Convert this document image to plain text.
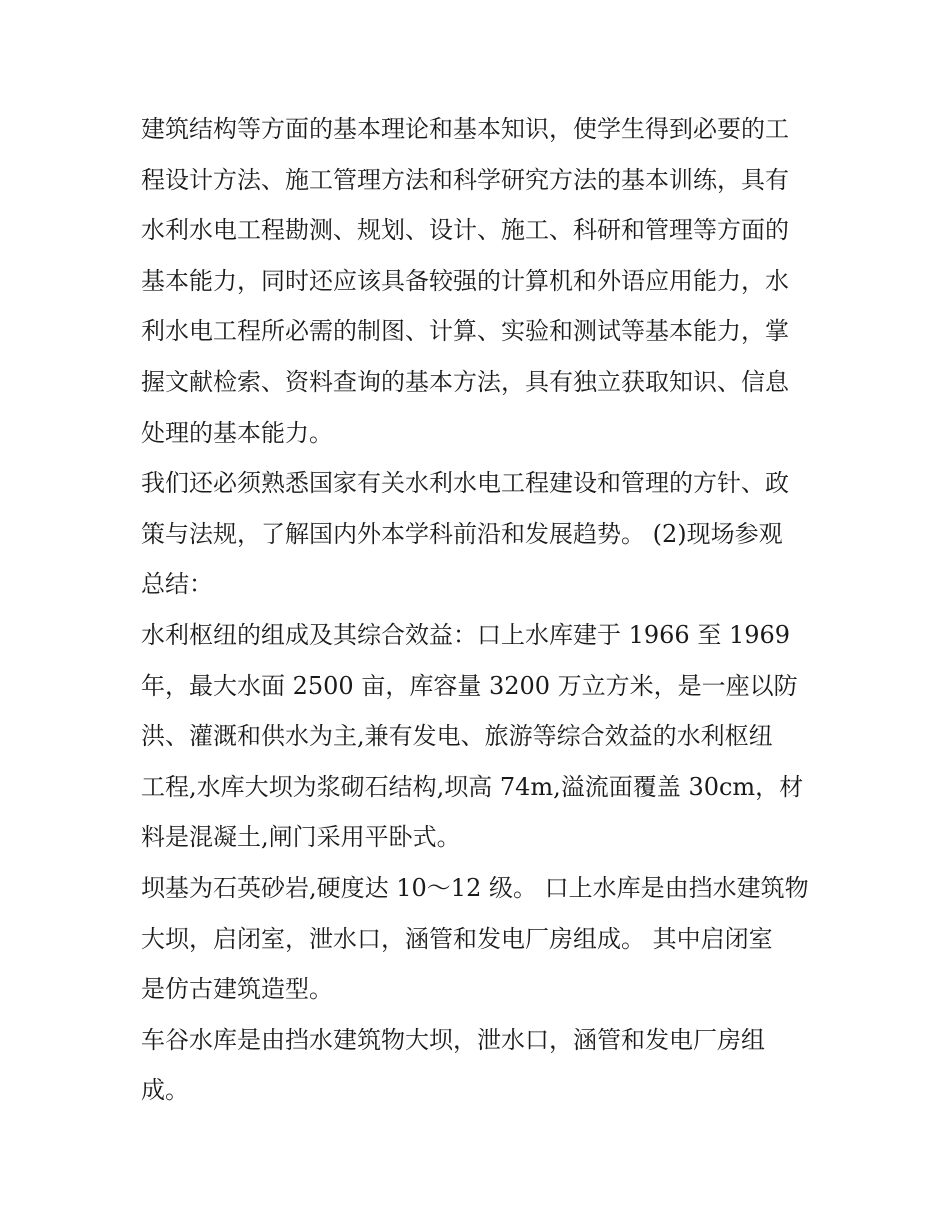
建筑结构等方面的基本理论和基本知识，使学生得到必要的工
程设计方法、施工管理方法和科学研究方法的基本训练，具有
水利水电工程勘测、规划、设计、施工、科研和管理等方面的
基本能力，同时还应该具备较强的计算机和外语应用能力，水
利水电工程所必需的制图、计算、实验和测试等基本能力，掌
握文献检索、资料查询的基本方法，具有独立获取知识、信息
处理的基本能力。
我们还必须熟悉国家有关水利水电工程建设和管理的方针、政
策与法规，了解国内外本学科前沿和发展趋势。 (2)现场参观
总结：
水利枢纽的组成及其综合效益：口上水库建于 1966 至 1969
年，最大水面 2500 亩，库容量 3200 万立方米，是一座以防
洪、灌溉和供水为主,兼有发电、旅游等综合效益的水利枢纽
工程,水库大坝为浆砌石结构,坝高 74m,溢流面覆盖 30cm，材
料是混凝土,闸门采用平卧式。
坝基为石英砂岩,硬度达 10～12 级。 口上水库是由挡水建筑物
大坝，启闭室，泄水口，涵管和发电厂房组成。 其中启闭室
是仿古建筑造型。
车谷水库是由挡水建筑物大坝，泄水口，涵管和发电厂房组
成。
